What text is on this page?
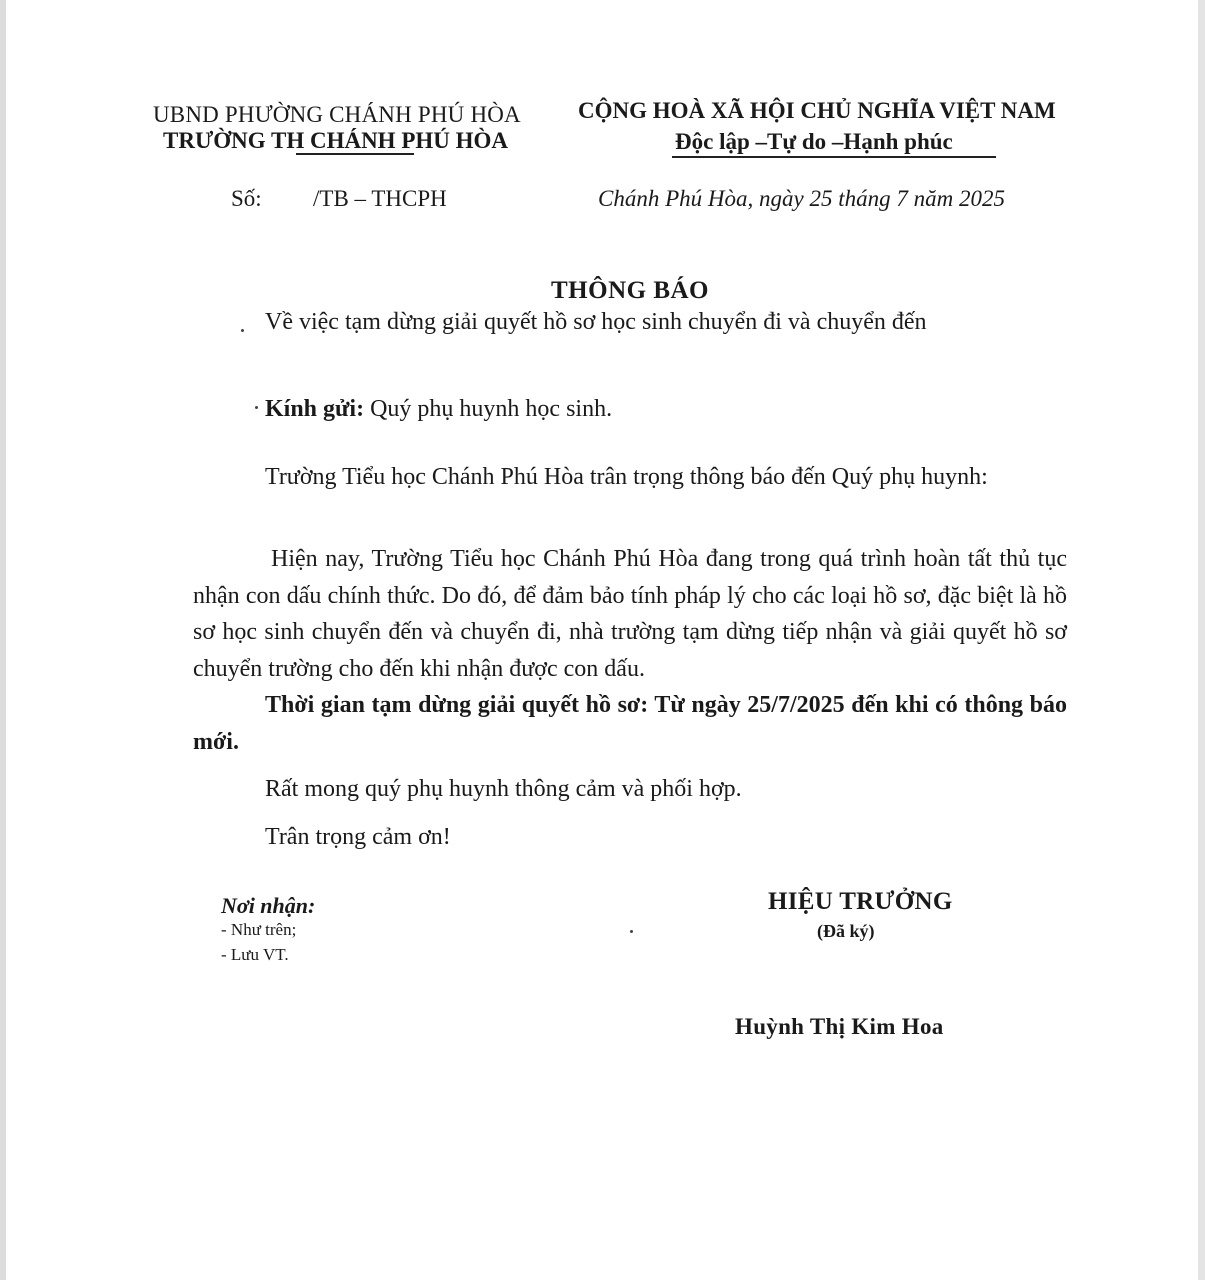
UBND PHƯỜNG CHÁNH PHÚ HÒA
TRƯỜNG TH CHÁNH PHÚ HÒA
CỘNG HOÀ XÃ HỘI CHỦ NGHĨA VIỆT NAM
Độc lập –Tự do –Hạnh phúc
Số: /TB – THCPH	Chánh Phú Hòa, ngày 25 tháng 7 năm 2025
THÔNG BÁO
Về việc tạm dừng giải quyết hồ sơ học sinh chuyển đi và chuyển đến
Kính gửi: Quý phụ huynh học sinh.
Trường Tiểu học Chánh Phú Hòa trân trọng thông báo đến Quý phụ huynh:
Hiện nay, Trường Tiểu học Chánh Phú Hòa đang trong quá trình hoàn tất thủ tục nhận con dấu chính thức. Do đó, để đảm bảo tính pháp lý cho các loại hồ sơ, đặc biệt là hồ sơ học sinh chuyển đến và chuyển đi, nhà trường tạm dừng tiếp nhận và giải quyết hồ sơ chuyển trường cho đến khi nhận được con dấu.
Thời gian tạm dừng giải quyết hồ sơ: Từ ngày 25/7/2025 đến khi có thông báo mới.
Rất mong quý phụ huynh thông cảm và phối hợp.
Trân trọng cảm ơn!
Nơi nhận:
- Như trên;
- Lưu VT.
HIỆU TRƯỞNG
(Đã ký)
Huỳnh Thị Kim Hoa
